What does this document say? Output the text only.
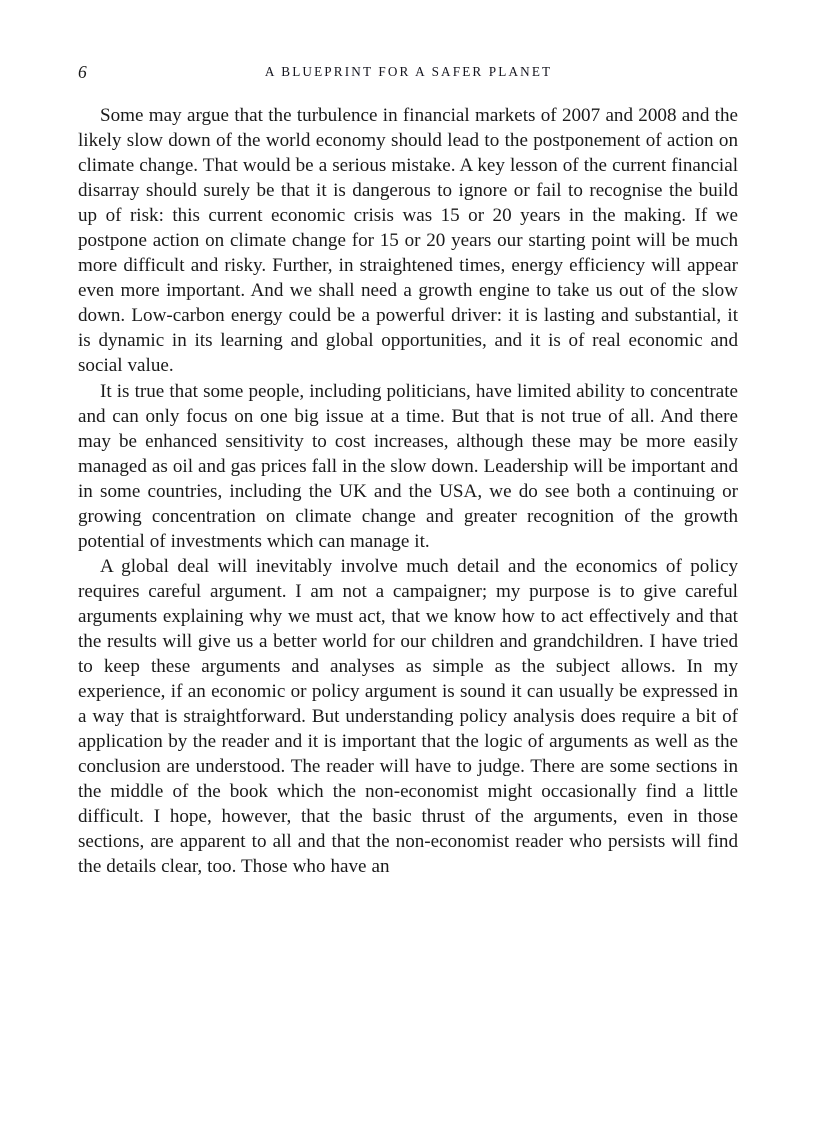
6	A BLUEPRINT FOR A SAFER PLANET

Some may argue that the turbulence in financial markets of 2007 and 2008 and the likely slow down of the world economy should lead to the postponement of action on climate change. That would be a serious mistake. A key lesson of the current financial disarray should surely be that it is dangerous to ignore or fail to recognise the build up of risk: this current economic crisis was 15 or 20 years in the making. If we postpone action on climate change for 15 or 20 years our starting point will be much more difficult and risky. Further, in straightened times, energy efficiency will appear even more important. And we shall need a growth engine to take us out of the slow down. Low-carbon energy could be a powerful driver: it is lasting and substantial, it is dynamic in its learning and global opportunities, and it is of real economic and social value.

It is true that some people, including politicians, have limited ability to concentrate and can only focus on one big issue at a time. But that is not true of all. And there may be enhanced sensitivity to cost increases, although these may be more easily managed as oil and gas prices fall in the slow down. Leadership will be important and in some countries, including the UK and the USA, we do see both a continuing or growing concentration on climate change and greater recognition of the growth potential of investments which can manage it.

A global deal will inevitably involve much detail and the economics of policy requires careful argument. I am not a campaigner; my purpose is to give careful arguments explaining why we must act, that we know how to act effectively and that the results will give us a better world for our children and grandchildren. I have tried to keep these arguments and analyses as simple as the subject allows. In my experience, if an economic or policy argument is sound it can usually be expressed in a way that is straightforward. But understanding policy analysis does require a bit of application by the reader and it is important that the logic of arguments as well as the conclusion are understood. The reader will have to judge. There are some sections in the middle of the book which the non-economist might occasionally find a little difficult. I hope, however, that the basic thrust of the arguments, even in those sections, are apparent to all and that the non-economist reader who persists will find the details clear, too. Those who have an
